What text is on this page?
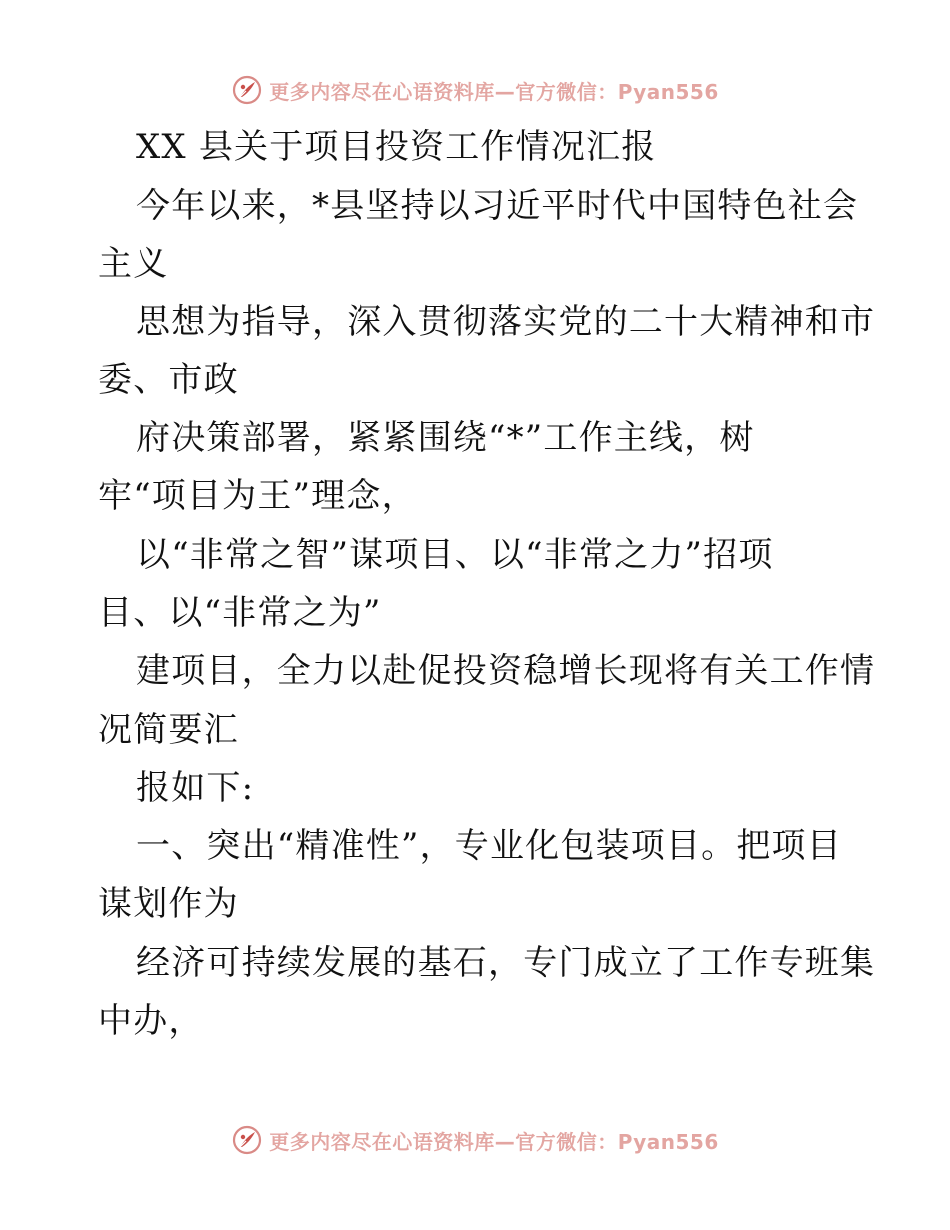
更多内容尽在心语资料库—官方微信：Pyan556
XX 县关于项目投资工作情况汇报
今年以来，*县坚持以习近平时代中国特色社会
主义
思想为指导，深入贯彻落实党的二十大精神和市
委、市政
府决策部署，紧紧围绕“*”工作主线，树
牢“项目为王”理念，
以“非常之智”谋项目、以“非常之力”招项
目、以“非常之为”
建项目，全力以赴促投资稳增长现将有关工作情
况简要汇
报如下:
一、突出“精准性”，专业化包装项目。把项目
谋划作为
经济可持续发展的基石，专门成立了工作专班集
中办，
更多内容尽在心语资料库—官方微信：Pyan556
